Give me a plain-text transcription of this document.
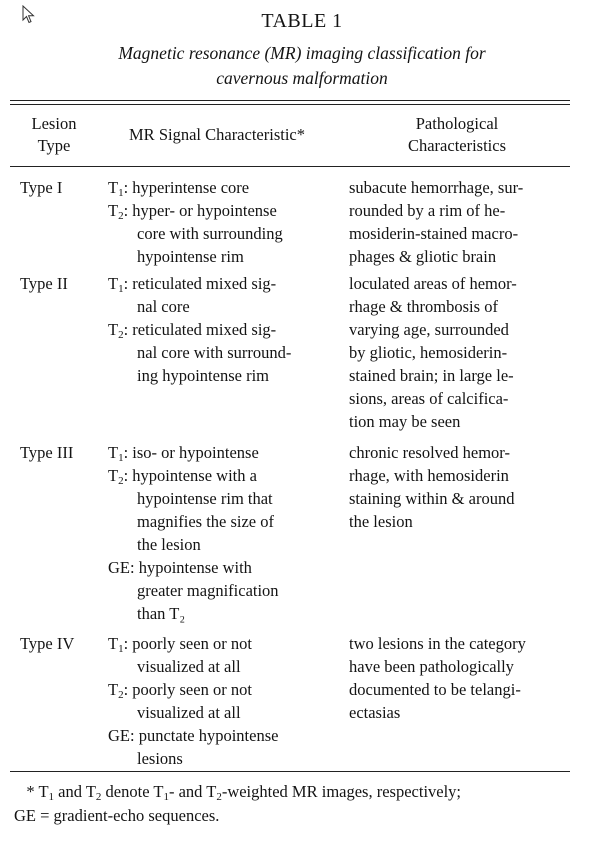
TABLE 1
Magnetic resonance (MR) imaging classification for
cavernous malformation
Lesion
Type
MR Signal Characteristic*
Pathological
Characteristics
Type I	$T_1$: hyperintense core
$T_2$: hyper- or hypointense
core with surrounding
hypointense rim
subacute hemorrhage, sur-
rounded by a rim of he-
mosiderin-stained macro-
phages & gliotic brain
Type II $T_1$: reticulated mixed sig-
nal core
$T_2$: reticulated mixed sig-
nal core with surround-
ing hypointense rim
loculated areas of hemor-
rhage & thrombosis of
varying age, surrounded
by gliotic, hemosiderin-
stained brain; in large le-
sions, areas of calcifica-
tion may be seen
Type III $T_1$: iso- or hypointense
$T_2$: hypointense with a
hypointense rim that
magnifies the size of
the lesion
GE: hypointense with
greater magnification
than T₂
chronic resolved hemor-
rhage, with hemosiderin
staining within & around
the lesion
Type IV $T_1$: poorly seen or not
visualized at all
$T_2$: poorly seen or not
visualized at all
GE: punctate hypointense
lesions
two lesions in the category
have been pathologically
documented to be telangi-
ectasias
* $T_1$ and $T_2$ denote $T_1-$ and $T_2$-weighted MR images, respectively;
GE = gradient-echo sequences.
